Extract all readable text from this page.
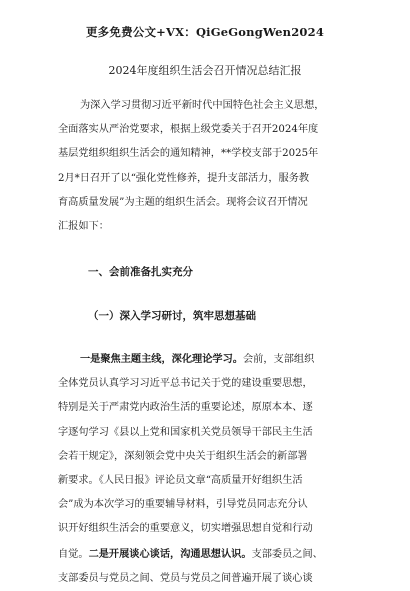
更多免费公文+VX：QiGeGongWen2024
2024年度组织生活会召开情况总结汇报
为深入学习贯彻习近平新时代中国特色社会主义思想，
全面落实从严治党要求，根据上级党委关于召开2024年度
基层党组织组织生活会的通知精神，**学校支部于2025年
2月*日召开了以“强化党性修养，提升支部活力，服务教
育高质量发展”为主题的组织生活会。现将会议召开情况
汇报如下：
一、会前准备扎实充分
（一）深入学习研讨，筑牢思想基础
一是聚焦主题主线，深化理论学习。会前，支部组织
全体党员认真学习习近平总书记关于党的建设重要思想，
特别是关于严肃党内政治生活的重要论述，原原本本、逐
字逐句学习《县以上党和国家机关党员领导干部民主生活
会若干规定》，深刻领会党中央关于组织生活会的新部署
新要求。《人民日报》评论员文章“高质量开好组织生活
会”成为本次学习的重要辅导材料，引导党员同志充分认
识开好组织生活会的重要意义，切实增强思想自觉和行动
自觉。二是开展谈心谈话，沟通思想认识。支部委员之间、
支部委员与党员之间、党员与党员之间普遍开展了谈心谈
